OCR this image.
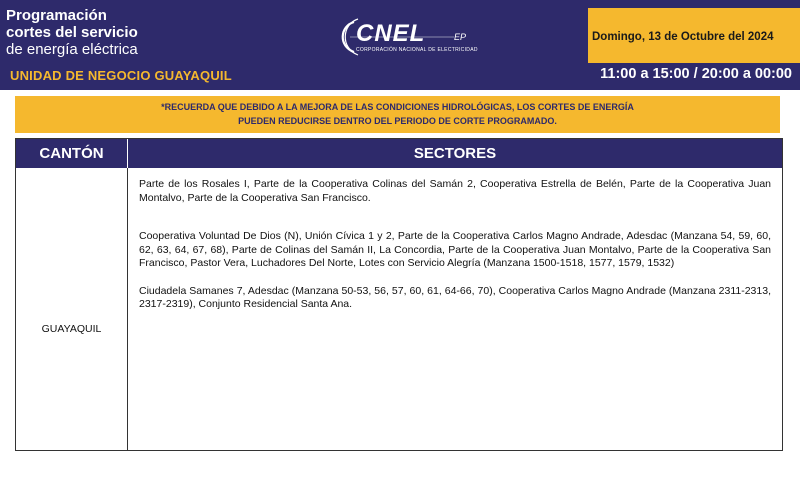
Programación
cortes del servicio
de energía eléctrica
UNIDAD DE NEGOCIO GUAYAQUIL
CNEL	EP
CORPORACIÓN NACIONAL DE ELECTRICIDAD
Domingo, 13 de Octubre del 2024
11:00 a 15:00 / 20:00 a 00:00
*RECUERDA QUE DEBIDO A LA MEJORA DE LAS CONDICIONES HIDROLÓGICAS, LOS CORTES DE ENERGÍA
PUEDEN REDUCIRSE DENTRO DEL PERIODO DE CORTE PROGRAMADO.
CANTÓN	SECTORES
GUAYAQUIL

Parte de los Rosales I, Parte de la Cooperativa Colinas del Samán 2, Cooperativa Estrella de Belén, Parte de la Cooperativa Juan Montalvo, Parte de la Cooperativa San Francisco.

Cooperativa Voluntad De Dios (N), Unión Cívica 1 y 2, Parte de la Cooperativa Carlos Magno Andrade, Adesdac (Manzana 54, 59, 60, 62, 63, 64, 67, 68), Parte de Colinas del Samán II, La Concordia, Parte de la Cooperativa Juan Montalvo, Parte de la Cooperativa San Francisco, Pastor Vera, Luchadores Del Norte, Lotes con Servicio Alegría (Manzana 1500-1518, 1577, 1579, 1532)

Ciudadela Samanes 7, Adesdac (Manzana 50-53, 56, 57, 60, 61, 64-66, 70), Cooperativa Carlos Magno Andrade (Manzana 2311-2313, 2317-2319), Conjunto Residencial Santa Ana.
